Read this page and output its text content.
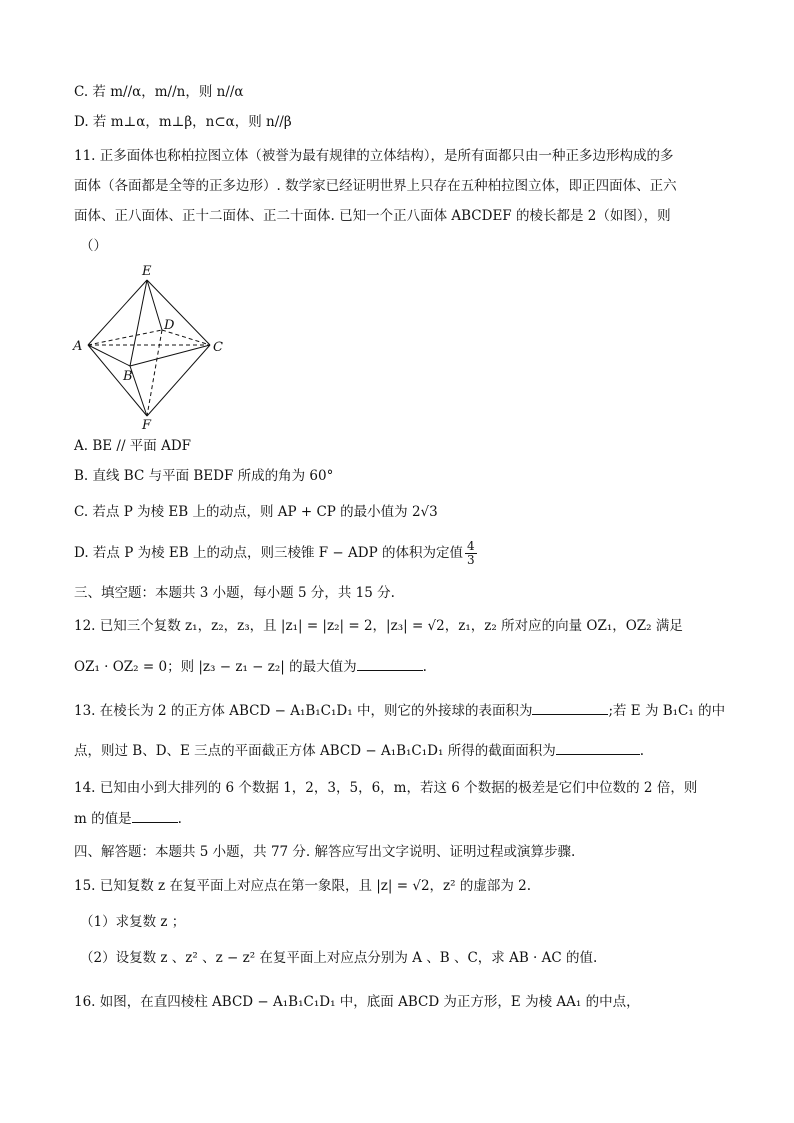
C. 若 m//α，m//n，则 n//α
D. 若 m⊥α，m⊥β，n⊂α，则 n//β
11. 正多面体也称柏拉图立体（被誉为最有规律的立体结构），是所有面都只由一种正多边形构成的多
面体（各面都是全等的正多边形）. 数学家已经证明世界上只存在五种柏拉图立体，即正四面体、正六
面体、正八面体、正十二面体、正二十面体. 已知一个正八面体 ABCDEF 的棱长都是 2（如图），则
（）
E
A	C
B
D
F
A. BE // 平面 ADF
B. 直线 BC 与平面 BEDF 所成的角为 60°
C. 若点 P 为棱 EB 上的动点，则 AP + CP 的最小值为 2√3
D. 若点 P 为棱 EB 上的动点，则三棱锥 F − ADP 的体积为定值 $\frac{4}{3}$
三、填空题：本题共 3 小题，每小题 5 分，共 15 分.
12. 已知三个复数 z₁，z₂，z₃，且 |z₁| = |z₂| = 2，|z₃| = √2，z₁，z₂ 所对应的向量 OZ₁，OZ₂ 满足
OZ₁ · OZ₂ = 0；则 |z₃ − z₁ − z₂| 的最大值为	.
13. 在棱长为 2 的正方体 ABCD − A₁B₁C₁D₁ 中，则它的外接球的表面积为	;若 E 为 B₁C₁ 的中
点，则过 B、D、E 三点的平面截正方体 ABCD − A₁B₁C₁D₁ 所得的截面面积为	.
14. 已知由小到大排列的 6 个数据 1，2，3，5，6，m，若这 6 个数据的极差是它们中位数的 2 倍，则
m 的值是	.
四、解答题：本题共 5 小题，共 77 分. 解答应写出文字说明、证明过程或演算步骤.
15. 已知复数 z 在复平面上对应点在第一象限，且 |z| = √2，z² 的虚部为 2.
（1）求复数 z ；
（2）设复数 z 、z² 、z − z² 在复平面上对应点分别为 A 、B 、C，求 AB · AC 的值.
16. 如图，在直四棱柱 ABCD − A₁B₁C₁D₁ 中，底面 ABCD 为正方形，E 为棱 AA₁ 的中点，
